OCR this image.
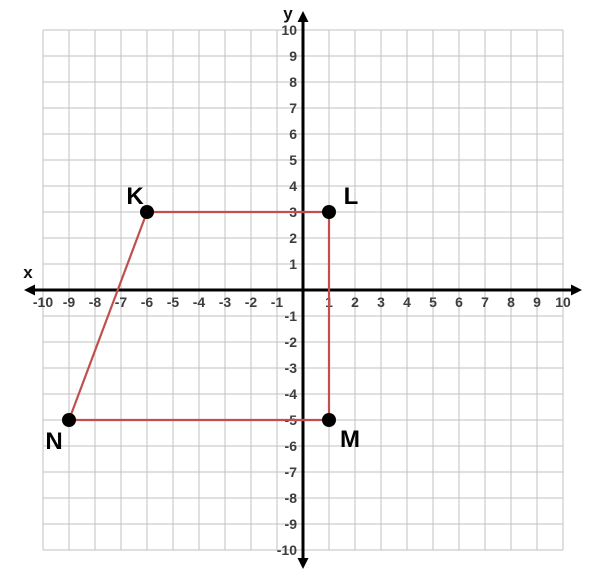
-10 -9 -8 -7 -6 -5 -4 -3 -2 -1	1 2 3 4 5 6 7 8 9 10
10
9
8
7
6
5
4
3
2
1
-1
-2
-3
-4
-5
-6
-7
-8
-9
-10
x
y
K	L
M
N
